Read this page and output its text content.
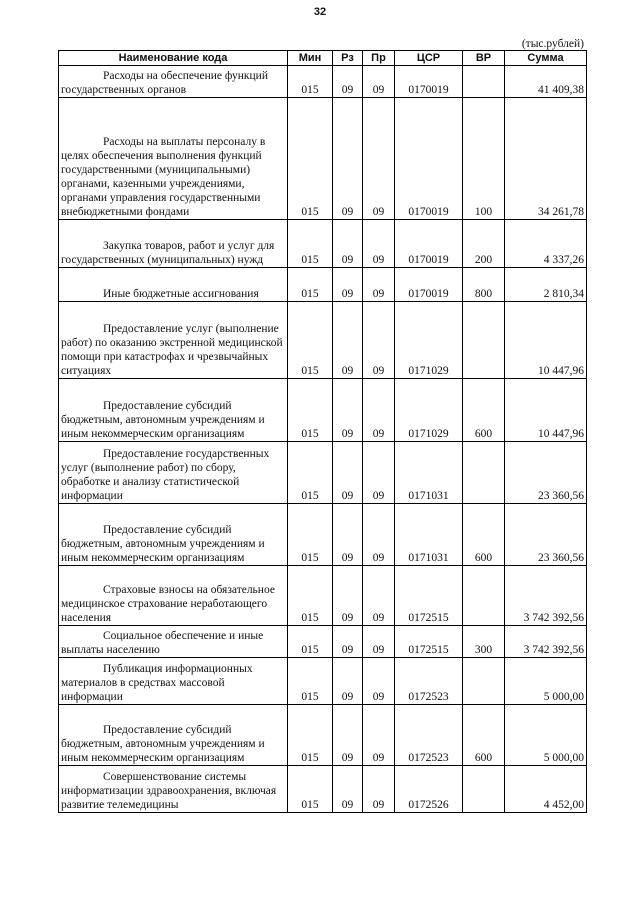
32
(тыс.рублей)
Наименование кода	Мин	Рз	Пр	ЦСР	ВР	Сумма

Расходы на обеспечение функций государственных органов	015	09	09	0170019		41 409,38

Расходы на выплаты персоналу в целях обеспечения выполнения функций государственными (муниципальными) органами, казенными учреждениями, органами управления государственными внебюджетными фондами	015	09	09	0170019	100	34 261,78

Закупка товаров, работ и услуг для государственных (муниципальных) нужд	015	09	09	0170019	200	4 337,26

Иные бюджетные ассигнования	015	09	09	0170019	800	2 810,34

Предоставление услуг (выполнение работ) по оказанию экстренной медицинской помощи при катастрофах и чрезвычайных ситуациях	015	09	09	0171029		10 447,96

Предоставление субсидий бюджетным, автономным учреждениям и иным некоммерческим организациям	015	09	09	0171029	600	10 447,96

Предоставление государственных услуг (выполнение работ) по сбору, обработке и анализу статистической информации	015	09	09	0171031		23 360,56

Предоставление субсидий бюджетным, автономным учреждениям и иным некоммерческим организациям	015	09	09	0171031	600	23 360,56

Страховые взносы на обязательное медицинское страхование неработающего населения	015	09	09	0172515		3 742 392,56

Социальное обеспечение и иные выплаты населению	015	09	09	0172515	300	3 742 392,56

Публикация информационных материалов в средствах массовой информации	015	09	09	0172523		5 000,00

Предоставление субсидий бюджетным, автономным учреждениям и иным некоммерческим организациям	015	09	09	0172523	600	5 000,00

Совершенствование системы информатизации здравоохранения, включая развитие телемедицины	015	09	09	0172526		4 452,00
